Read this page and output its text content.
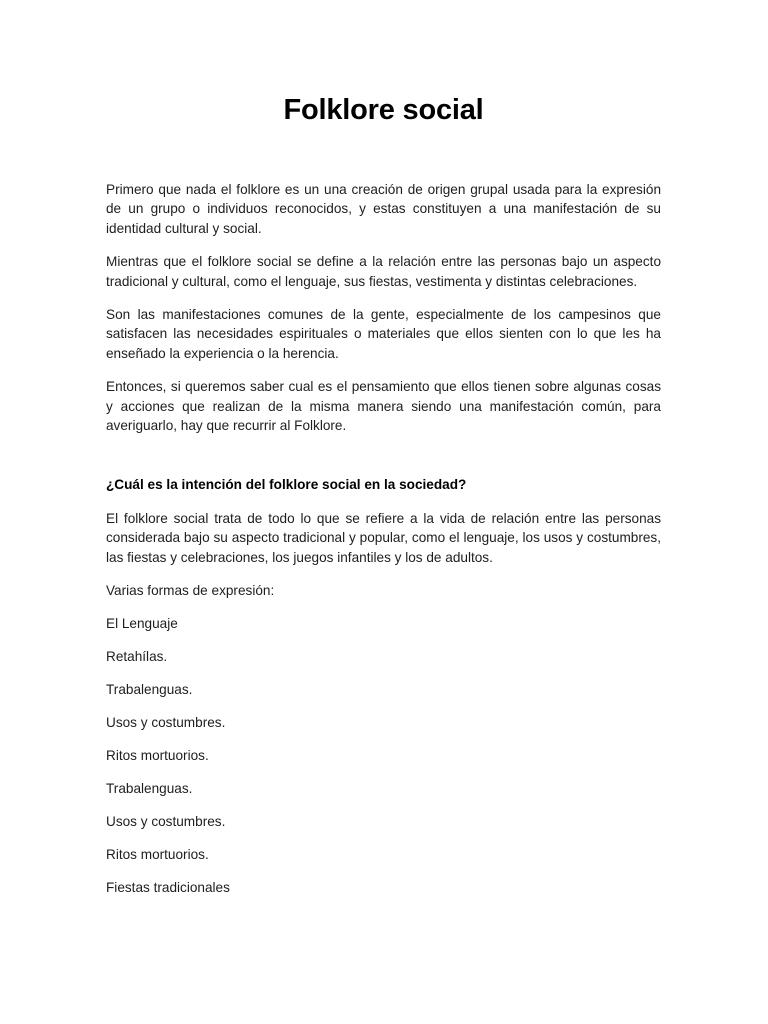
Folklore social

Primero que nada el folklore es un una creación de origen grupal usada para la expresión de un grupo o individuos reconocidos, y estas constituyen a una manifestación de su identidad cultural y social.

Mientras que el folklore social se define a la relación entre las personas bajo un aspecto tradicional y cultural, como el lenguaje, sus fiestas, vestimenta y distintas celebraciones.

Son las manifestaciones comunes de la gente, especialmente de los campesinos que satisfacen las necesidades espirituales o materiales que ellos sienten con lo que les ha enseñado la experiencia o la herencia.

Entonces, si queremos saber cual es el pensamiento que ellos tienen sobre algunas cosas y acciones que realizan de la misma manera siendo una manifestación común, para averiguarlo, hay que recurrir al Folklore.

¿Cuál es la intención del folklore social en la sociedad?

El folklore social trata de todo lo que se refiere a la vida de relación entre las personas considerada bajo su aspecto tradicional y popular, como el lenguaje, los usos y costumbres, las fiestas y celebraciones, los juegos infantiles y los de adultos.

Varias formas de expresión:

El Lenguaje
Retahílas.
Trabalenguas.
Usos y costumbres.
Ritos mortuorios.
Trabalenguas.
Usos y costumbres.
Ritos mortuorios.
Fiestas tradicionales
